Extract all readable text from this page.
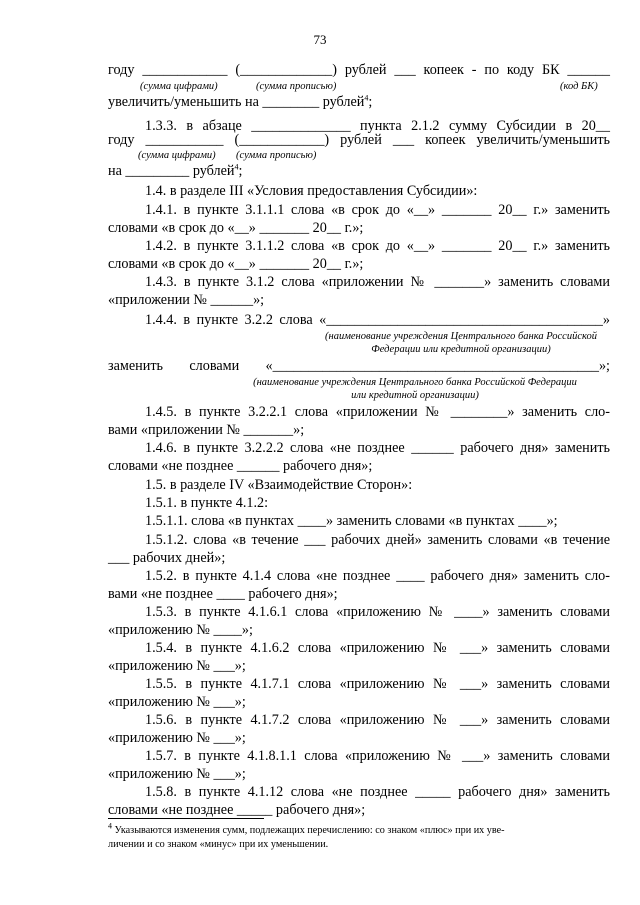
73
году ____________ (_____________) рублей ___ копеек - по коду БК ______
(сумма цифрами)	(сумма прописью)	(код БК)
увеличить/уменьшить на ________ рублей$^4$;
1.3.3. в абзаце ______________ пункта 2.1.2 сумму Субсидии в 20__
году ___________ (____________) рублей ___ копеек увеличить/уменьшить
(сумма цифрами) (сумма прописью)
на _________ рублей$^4$;
1.4. в разделе III «Условия предоставления Субсидии»:
1.4.1. в пункте 3.1.1.1 слова «в срок до «__» _______ 20__ г.» заменить
словами «в срок до «__» _______ 20__ г.»;
1.4.2. в пункте 3.1.1.2 слова «в срок до «__» _______ 20__ г.» заменить
словами «в срок до «__» _______ 20__ г.»;
1.4.3. в пункте 3.1.2 слова «приложении № _______» заменить словами
«приложении № ______»;
1.4.4. в пункте 3.2.2 слова «_______________________________________»
(наименование учреждения Центрального банка Российской Федерации или кредитной организации)
заменить словами «______________________________________________»;
(наименование учреждения Центрального банка Российской Федерации или кредитной организации)
1.4.5. в пункте 3.2.2.1 слова «приложении № ________» заменить сло-
вами «приложении № _______»;
1.4.6. в пункте 3.2.2.2 слова «не позднее ______ рабочего дня» заменить
словами «не позднее ______ рабочего дня»;
1.5. в разделе IV «Взаимодействие Сторон»:
1.5.1. в пункте 4.1.2:
1.5.1.1. слова «в пунктах ____» заменить словами «в пунктах ____»;
1.5.1.2. слова «в течение ___ рабочих дней» заменить словами «в течение
___ рабочих дней»;
1.5.2. в пункте 4.1.4 слова «не позднее ____ рабочего дня» заменить сло-
вами «не позднее ____ рабочего дня»;
1.5.3. в пункте 4.1.6.1 слова «приложению № ____» заменить словами
«приложению № ____»;
1.5.4. в пункте 4.1.6.2 слова «приложению № ___» заменить словами
«приложению № ___»;
1.5.5. в пункте 4.1.7.1 слова «приложению № ___» заменить словами
«приложению № ___»;
1.5.6. в пункте 4.1.7.2 слова «приложению № ___» заменить словами
«приложению № ___»;
1.5.7. в пункте 4.1.8.1.1 слова «приложению № ___» заменить словами
«приложению № ___»;
1.5.8. в пункте 4.1.12 слова «не позднее _____ рабочего дня» заменить
словами «не позднее _____ рабочего дня»;
$^4$ Указываются изменения сумм, подлежащих перечислению: со знаком «плюс» при их уве-
личении и со знаком «минус» при их уменьшении.
